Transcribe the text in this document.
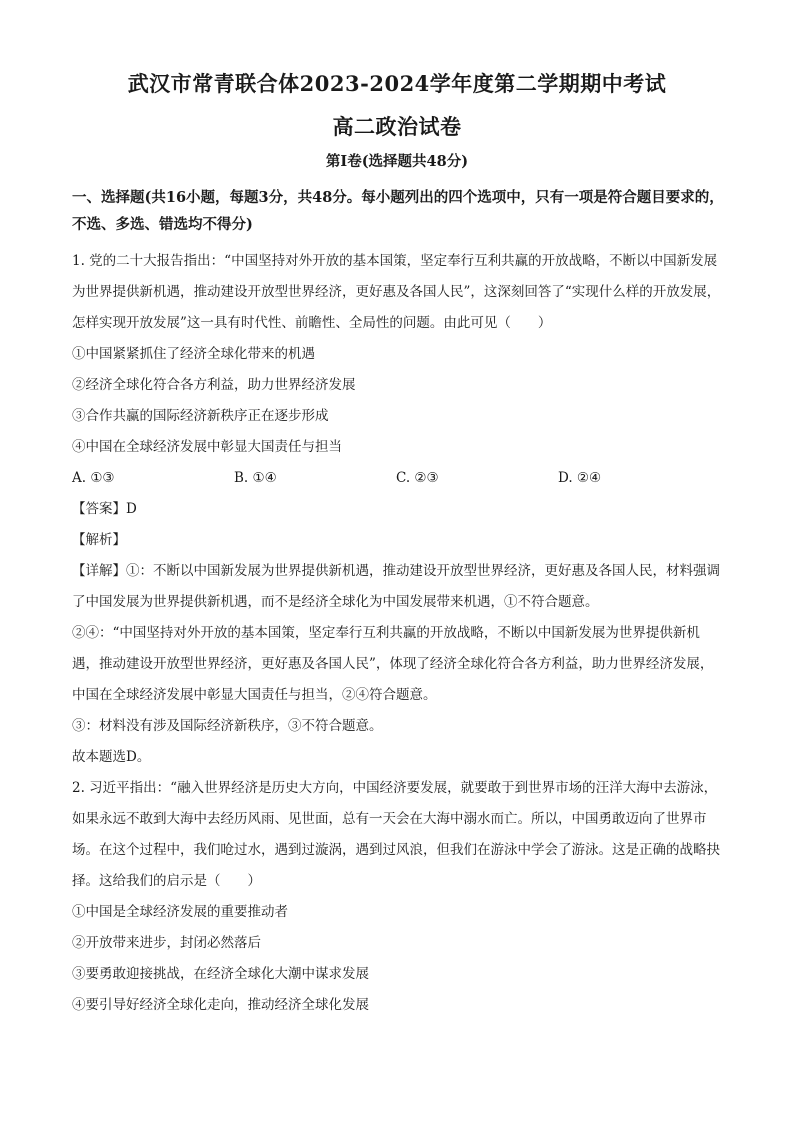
武汉市常青联合体2023-2024学年度第二学期期中考试
高二政治试卷
第Ⅰ卷(选择题共48分)
一、选择题(共16小题，每题3分，共48分。每小题列出的四个选项中，只有一项是符合题目要求的，不选、多选、错选均不得分)

1. 党的二十大报告指出：“中国坚持对外开放的基本国策，坚定奉行互利共赢的开放战略，不断以中国新发展为世界提供新机遇，推动建设开放型世界经济，更好惠及各国人民”，这深刻回答了“实现什么样的开放发展，怎样实现开放发展”这一具有时代性、前瞻性、全局性的问题。由此可见（　　）

①中国紧紧抓住了经济全球化带来的机遇

②经济全球化符合各方利益，助力世界经济发展

③合作共赢的国际经济新秩序正在逐步形成

④中国在全球经济发展中彰显大国责任与担当

A. ①③	B. ①④	C. ②③	D. ②④

【答案】D

【解析】

【详解】①：不断以中国新发展为世界提供新机遇，推动建设开放型世界经济，更好惠及各国人民，材料强调了中国发展为世界提供新机遇，而不是经济全球化为中国发展带来机遇，①不符合题意。

②④：“中国坚持对外开放的基本国策，坚定奉行互利共赢的开放战略，不断以中国新发展为世界提供新机遇，推动建设开放型世界经济，更好惠及各国人民”，体现了经济全球化符合各方利益，助力世界经济发展，中国在全球经济发展中彰显大国责任与担当，②④符合题意。

③：材料没有涉及国际经济新秩序，③不符合题意。

故本题选D。

2. 习近平指出：“融入世界经济是历史大方向，中国经济要发展，就要敢于到世界市场的汪洋大海中去游泳，如果永远不敢到大海中去经历风雨、见世面，总有一天会在大海中溺水而亡。所以，中国勇敢迈向了世界市场。在这个过程中，我们呛过水，遇到过漩涡，遇到过风浪，但我们在游泳中学会了游泳。这是正确的战略抉择。这给我们的启示是（　　）

①中国是全球经济发展的重要推动者

②开放带来进步，封闭必然落后

③要勇敢迎接挑战，在经济全球化大潮中谋求发展

④要引导好经济全球化走向，推动经济全球化发展
